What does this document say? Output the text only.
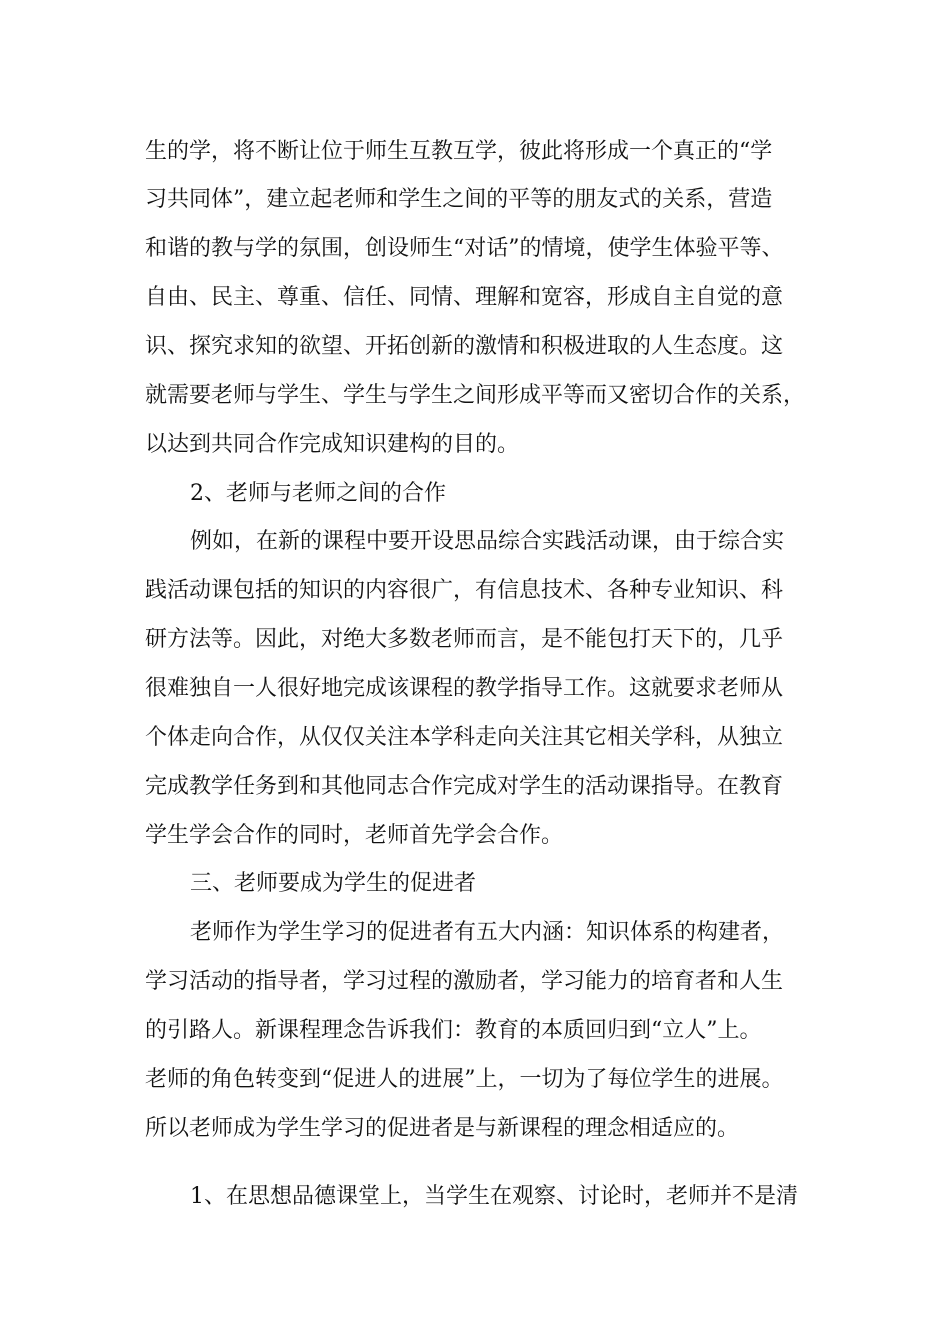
生的学，将不断让位于师生互教互学，彼此将形成一个真正的“学

习共同体”，建立起老师和学生之间的平等的朋友式的关系，营造

和谐的教与学的氛围，创设师生“对话”的情境，使学生体验平等、

自由、民主、尊重、信任、同情、理解和宽容，形成自主自觉的意

识、探究求知的欲望、开拓创新的激情和积极进取的人生态度。这

就需要老师与学生、学生与学生之间形成平等而又密切合作的关系，

以达到共同合作完成知识建构的目的。

2、老师与老师之间的合作

例如，在新的课程中要开设思品综合实践活动课，由于综合实

践活动课包括的知识的内容很广，有信息技术、各种专业知识、科

研方法等。因此，对绝大多数老师而言，是不能包打天下的，几乎

很难独自一人很好地完成该课程的教学指导工作。这就要求老师从

个体走向合作，从仅仅关注本学科走向关注其它相关学科，从独立

完成教学任务到和其他同志合作完成对学生的活动课指导。在教育

学生学会合作的同时，老师首先学会合作。

三、老师要成为学生的促进者

老师作为学生学习的促进者有五大内涵：知识体系的构建者，

学习活动的指导者，学习过程的激励者，学习能力的培育者和人生

的引路人。新课程理念告诉我们：教育的本质回归到“立人”上。

老师的角色转变到“促进人的进展”上，一切为了每位学生的进展。

所以老师成为学生学习的促进者是与新课程的理念相适应的。

1、在思想品德课堂上，当学生在观察、讨论时，老师并不是清
